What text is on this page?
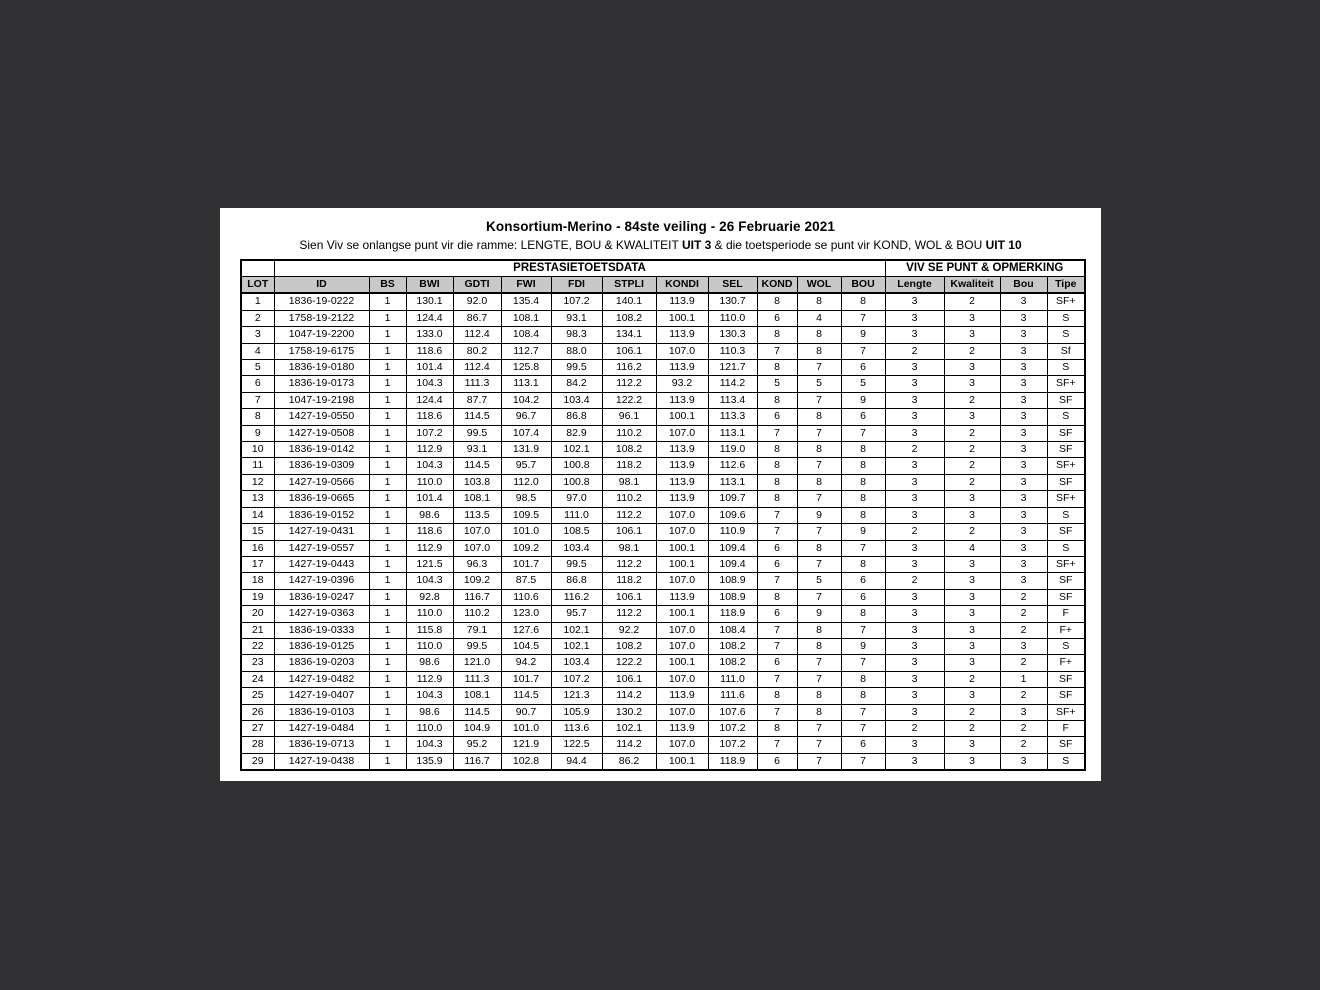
Konsortium-Merino - 84ste veiling - 26 Februarie 2021
Sien Viv se onlangse punt vir die ramme: LENGTE, BOU & KWALITEIT UIT 3 & die toetsperiode se punt vir KOND, WOL & BOU UIT 10
	PRESTASIETOETSDATA												VIV SE PUNT & OPMERKING			
LOT	ID	BS	BWI	GDTI	FWI	FDI	STPLI	KONDI	SEL	KOND	WOL	BOU	Lengte	Kwaliteit	Bou	Tipe
1	1836-19-0222	1	130.1	92.0	135.4	107.2	140.1	113.9	130.7	8	8	8	3	2	3	SF+
2	1758-19-2122	1	124.4	86.7	108.1	93.1	108.2	100.1	110.0	6	4	7	3	3	3	S
3	1047-19-2200	1	133.0	112.4	108.4	98.3	134.1	113.9	130.3	8	8	9	3	3	3	S
4	1758-19-6175	1	118.6	80.2	112.7	88.0	106.1	107.0	110.3	7	8	7	2	2	3	Sf
5	1836-19-0180	1	101.4	112.4	125.8	99.5	116.2	113.9	121.7	8	7	6	3	3	3	S
6	1836-19-0173	1	104.3	111.3	113.1	84.2	112.2	93.2	114.2	5	5	5	3	3	3	SF+
7	1047-19-2198	1	124.4	87.7	104.2	103.4	122.2	113.9	113.4	8	7	9	3	2	3	SF
8	1427-19-0550	1	118.6	114.5	96.7	86.8	96.1	100.1	113.3	6	8	6	3	3	3	S
9	1427-19-0508	1	107.2	99.5	107.4	82.9	110.2	107.0	113.1	7	7	7	3	2	3	SF
10	1836-19-0142	1	112.9	93.1	131.9	102.1	108.2	113.9	119.0	8	8	8	2	2	3	SF
11	1836-19-0309	1	104.3	114.5	95.7	100.8	118.2	113.9	112.6	8	7	8	3	2	3	SF+
12	1427-19-0566	1	110.0	103.8	112.0	100.8	98.1	113.9	113.1	8	8	8	3	2	3	SF
13	1836-19-0665	1	101.4	108.1	98.5	97.0	110.2	113.9	109.7	8	7	8	3	3	3	SF+
14	1836-19-0152	1	98.6	113.5	109.5	111.0	112.2	107.0	109.6	7	9	8	3	3	3	S
15	1427-19-0431	1	118.6	107.0	101.0	108.5	106.1	107.0	110.9	7	7	9	2	2	3	SF
16	1427-19-0557	1	112.9	107.0	109.2	103.4	98.1	100.1	109.4	6	8	7	3	4	3	S
17	1427-19-0443	1	121.5	96.3	101.7	99.5	112.2	100.1	109.4	6	7	8	3	3	3	SF+
18	1427-19-0396	1	104.3	109.2	87.5	86.8	118.2	107.0	108.9	7	5	6	2	3	3	SF
19	1836-19-0247	1	92.8	116.7	110.6	116.2	106.1	113.9	108.9	8	7	6	3	3	2	SF
20	1427-19-0363	1	110.0	110.2	123.0	95.7	112.2	100.1	118.9	6	9	8	3	3	2	F
21	1836-19-0333	1	115.8	79.1	127.6	102.1	92.2	107.0	108.4	7	8	7	3	3	2	F+
22	1836-19-0125	1	110.0	99.5	104.5	102.1	108.2	107.0	108.2	7	8	9	3	3	3	S
23	1836-19-0203	1	98.6	121.0	94.2	103.4	122.2	100.1	108.2	6	7	7	3	3	2	F+
24	1427-19-0482	1	112.9	111.3	101.7	107.2	106.1	107.0	111.0	7	7	8	3	2	1	SF
25	1427-19-0407	1	104.3	108.1	114.5	121.3	114.2	113.9	111.6	8	8	8	3	3	2	SF
26	1836-19-0103	1	98.6	114.5	90.7	105.9	130.2	107.0	107.6	7	8	7	3	2	3	SF+
27	1427-19-0484	1	110.0	104.9	101.0	113.6	102.1	113.9	107.2	8	7	7	2	2	2	F
28	1836-19-0713	1	104.3	95.2	121.9	122.5	114.2	107.0	107.2	7	7	6	3	3	2	SF
29	1427-19-0438	1	135.9	116.7	102.8	94.4	86.2	100.1	118.9	6	7	7	3	3	3	S
